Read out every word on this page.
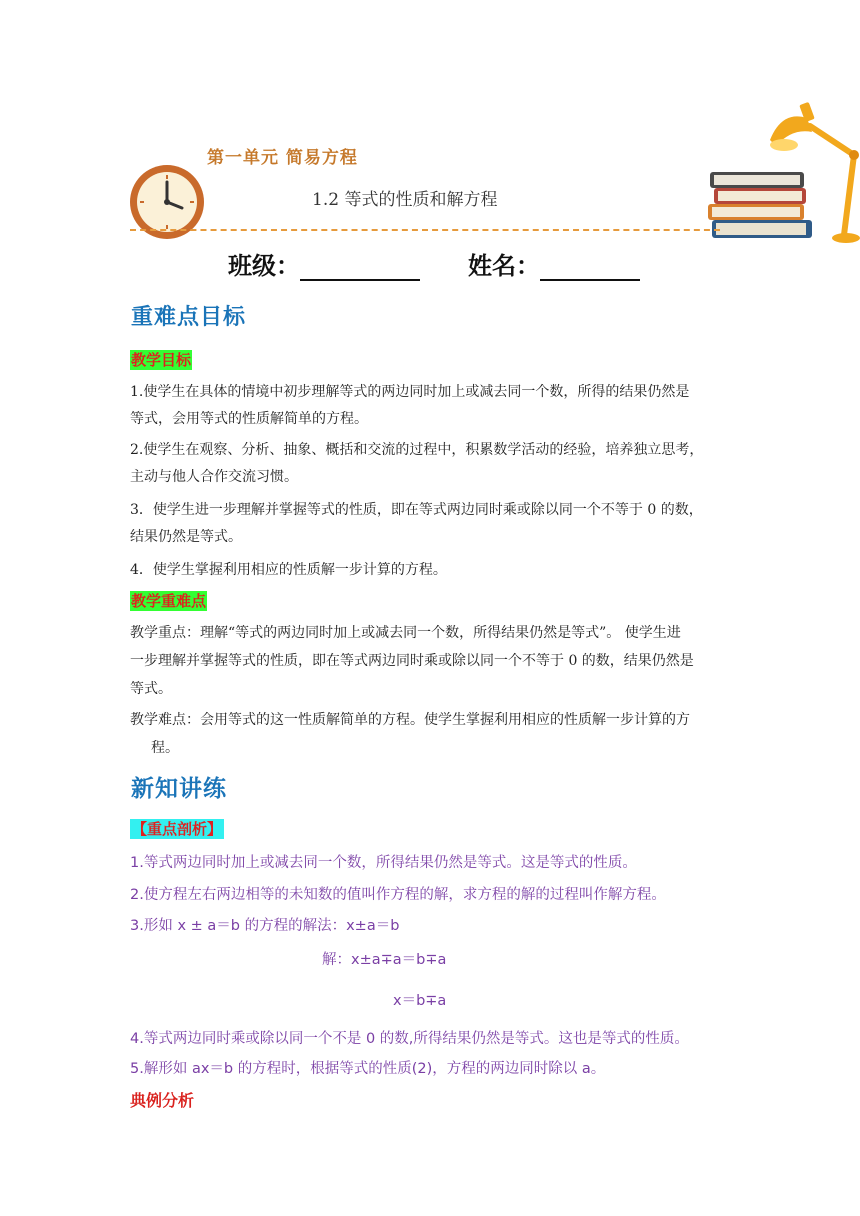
第一单元 简易方程
1.2 等式的性质和解方程
班级：	姓名：
重难点目标
教学目标
1.使学生在具体的情境中初步理解等式的两边同时加上或减去同一个数，所得的结果仍然是
等式，会用等式的性质解简单的方程。
2.使学生在观察、分析、抽象、概括和交流的过程中，积累数学活动的经验，培养独立思考，
主动与他人合作交流习惯。
3．使学生进一步理解并掌握等式的性质，即在等式两边同时乘或除以同一个不等于 0 的数，
结果仍然是等式。
4．使学生掌握利用相应的性质解一步计算的方程。
教学重难点
教学重点：理解“等式的两边同时加上或减去同一个数，所得结果仍然是等式”。 使学生进
一步理解并掌握等式的性质，即在等式两边同时乘或除以同一个不等于 0 的数，结果仍然是
等式。
教学难点：会用等式的这一性质解简单的方程。使学生掌握利用相应的性质解一步计算的方
程。
新知讲练
【重点剖析】
1.等式两边同时加上或减去同一个数，所得结果仍然是等式。这是等式的性质。
2.使方程左右两边相等的未知数的值叫作方程的解，求方程的解的过程叫作解方程。
3.形如 x ± a＝b 的方程的解法：x±a＝b
解：x±a∓a＝b∓a
x＝b∓a
4.等式两边同时乘或除以同一个不是 0 的数,所得结果仍然是等式。这也是等式的性质。
5.解形如 ax＝b 的方程时，根据等式的性质(2)，方程的两边同时除以 a。
典例分析
